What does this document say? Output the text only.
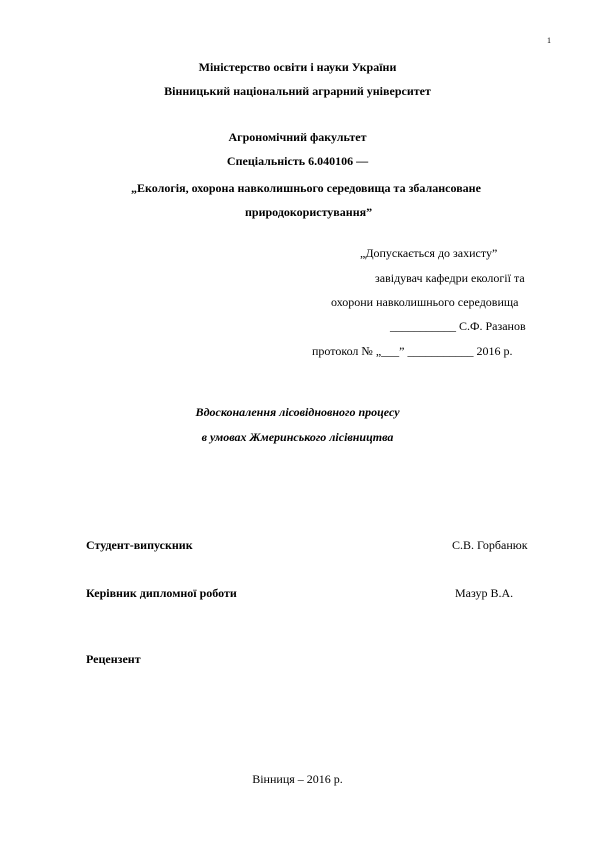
1
Міністерство освіти і науки України
Вінницький національний аграрний університет
Агрономічний факультет
Спеціальність 6.040106 —
„Екологія, охорона навколишнього середовища та збалансоване
природокористування”
„Допускається до захисту”
завідувач кафедри екології та
охорони навколишнього середовища
___________ С.Ф. Разанов
протокол № „___” ___________ 2016 р.
Вдосконалення лісовідновного процесу
в умовах Жмеринського лісівництва
Студент-випускник	С.В. Горбанюк
Керівник дипломної роботи	Мазур В.А.
Рецензент
Вінниця – 2016 р.
